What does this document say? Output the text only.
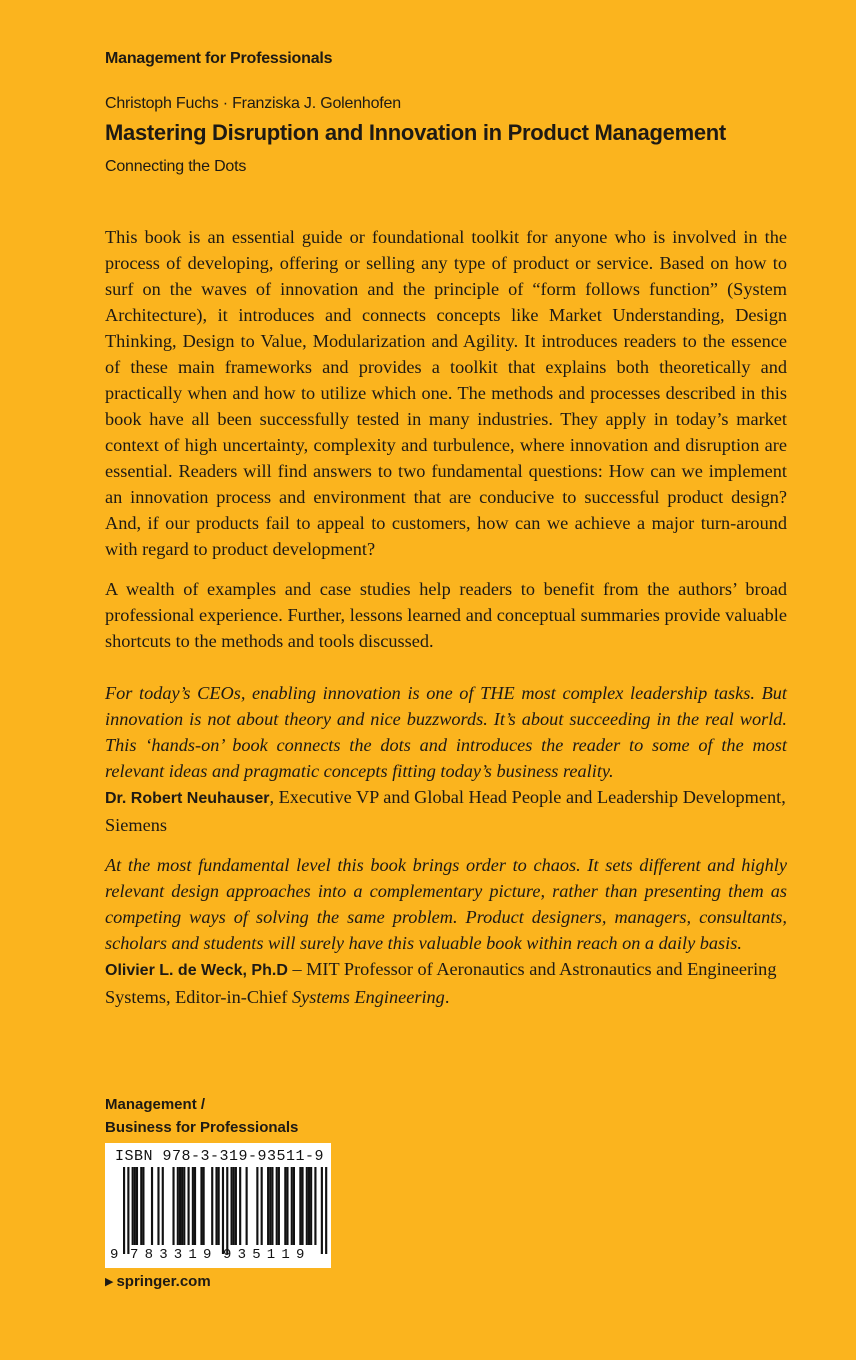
Management for Professionals
Christoph Fuchs · Franziska J. Golenhofen
Mastering Disruption and Innovation in Product Management
Connecting the Dots

This book is an essential guide or foundational toolkit for anyone who is involved in the process of developing, offering or selling any type of product or service. Based on how to surf on the waves of innovation and the principle of “form follows function” (System Architecture), it introduces and connects concepts like Market Understanding, Design Thinking, Design to Value, Modularization and Agility. It introduces readers to the essence of these main frameworks and provides a toolkit that explains both theoretically and practically when and how to utilize which one. The methods and processes described in this book have all been successfully tested in many industries. They apply in today’s market context of high uncertainty, complexity and turbulence, where innovation and disruption are essential. Readers will find answers to two fundamental questions: How can we implement an innovation process and environment that are conducive to successful product design? And, if our products fail to appeal to customers, how can we achieve a major turn-around with regard to product development?

A wealth of examples and case studies help readers to benefit from the authors’ broad professional experience. Further, lessons learned and conceptual summaries provide valuable shortcuts to the methods and tools discussed.

For today’s CEOs, enabling innovation is one of THE most complex leadership tasks. But innovation is not about theory and nice buzzwords. It’s about succeeding in the real world. This ‘hands-on’ book connects the dots and introduces the reader to some of the most relevant ideas and pragmatic concepts fitting today’s business reality.

Dr. Robert Neuhauser, Executive VP and Global Head People and Leadership Development, Siemens

At the most fundamental level this book brings order to chaos. It sets different and highly relevant design approaches into a complementary picture, rather than presenting them as competing ways of solving the same problem. Product designers, managers, consultants, scholars and students will surely have this valuable book within reach on a daily basis.

Olivier L. de Weck, Ph.D – MIT Professor of Aeronautics and Astronautics and Engineering Systems, Editor-in-Chief Systems Engineering.

Management /
Business for Professionals
ISBN 978-3-319-93511-9
9 7 8 3 3 1 9 9 3 5 1 1 9
▶ springer.com
